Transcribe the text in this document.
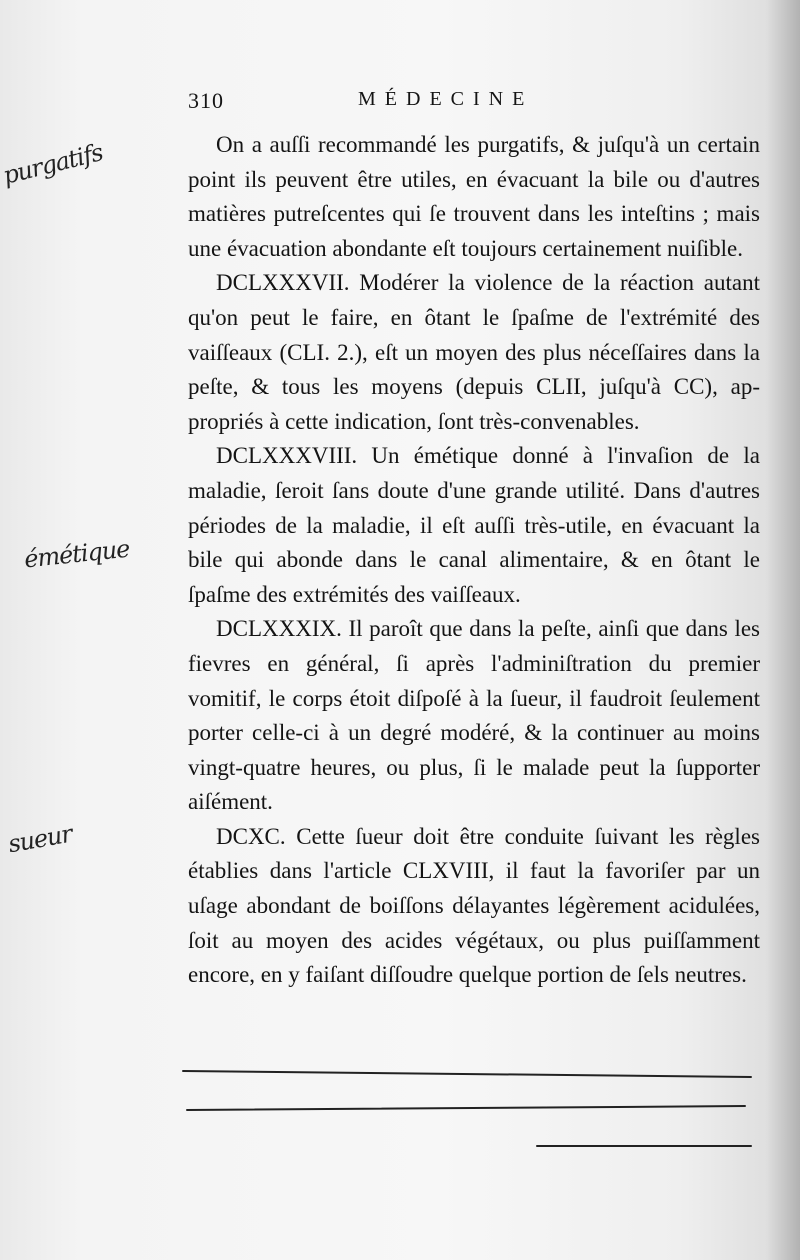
310	MÉDECINE
purgatifs
émétique
sueur

On a auſſi recommandé les purgatifs, & juſqu'à un certain point ils peuvent être utiles, en évacuant la bile ou d'autres matières putreſcentes qui ſe trouvent dans les inteſtins ; mais une évacuation abondante eſt toujours certainement nuiſible.

DCLXXXVII. Modérer la violence de la réaction autant qu'on peut le faire, en ôtant le ſpaſme de l'extrémité des vaiſſeaux (CLI. 2.), eſt un moyen des plus néceſſaires dans la peſte, & tous les moyens (depuis CLII, juſqu'à CC), appropriés à cette indication, ſont très-convenables.

DCLXXXVIII. Un émétique donné à l'invaſion de la maladie, ſeroit ſans doute d'une grande utilité. Dans d'autres périodes de la maladie, il eſt auſſi très-utile, en évacuant la bile qui abonde dans le canal alimentaire, & en ôtant le ſpaſme des extrémités des vaiſſeaux.

DCLXXXIX. Il paroît que dans la peſte, ainſi que dans les fievres en général, ſi après l'adminiſtration du premier vomitif, le corps étoit diſpoſé à la ſueur, il faudroit ſeulement porter celle-ci à un degré modéré, & la continuer au moins vingt-quatre heures, ou plus, ſi le malade peut la ſupporter aiſément.

DCXC. Cette ſueur doit être conduite ſuivant les règles établies dans l'article CLXVIII, il faut la favoriſer par un uſage abondant de boiſſons délayantes légèrement acidulées, ſoit au moyen des acides végétaux, ou plus puiſſamment encore, en y faiſant diſſoudre quelque portion de ſels neutres.
